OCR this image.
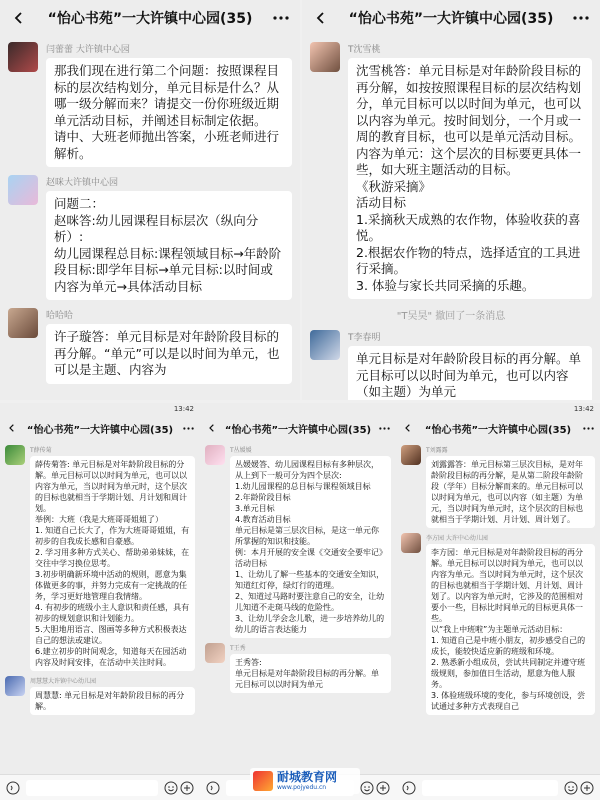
“怡心书苑”一大许镇中心园(35)
闫蕾蕾 大许镇中心园

那我们现在进行第二个问题：按照课程目标的层次结构划分，单元目标是什么？从哪一级分解而来？请提交一份你班级近期单元活动目标，并阐述目标制定依据。

请中、大班老师抛出答案，小班老师进行解析。

赵咪大许镇中心园

问题二：

赵咪答:幼儿园课程目标层次（纵向分析）:

幼儿园课程总目标:课程领域目标→年龄阶段目标:即学年目标→单元目标:以时间或内容为单元→具体活动目标

哈哈哈

许子璇答：单元目标是对年龄阶段目标的再分解。“单元”可以是以时间为单元，也可以是主题、内容为

“怡心书苑”一大许镇中心园(35)
T沈雪桃

沈雪桃答：单元目标是对年龄阶段目标的再分解，如按按照课程目标的层次结构划分，单元目标可以以时间为单元，也可以以内容为单元。按时间划分，一个月或一周的教育目标，也可以是单元活动目标。内容为单元：这个层次的目标要更具体一些，如大班主题活动的目标。

《秋游采摘》

活动目标

1.采摘秋天成熟的农作物，体验收获的喜悦。

2.根据农作物的特点，选择适宜的工具进行采摘。

3. 体验与家长共同采摘的乐趣。

"T吴昊" 撤回了一条消息
T李春明

单元目标是对年龄阶段目标的再分解。单元目标可以以时间为单元，也可以内容（如主题）为单元

13:42
“怡心书苑”一大许镇中心园(35)
T薛传菊

薛传菊答: 单元目标是对年龄阶段目标的分解。单元目标可以以时间为单元，也可以以内容为单元，当以时间为单元时，这个层次的目标也就相当于学期计划、月计划和周计划。

举例：大班（我是大班哥哥姐姐了）

1. 知道自己长大了，作为大班哥哥姐姐，有初步的自我成长感和自豪感。

2. 学习用多种方式关心、帮助弟弟妹妹，在交往中学习换位思考。

3.初步明确新环境中活动的规则，愿意为集体做更多的事，并努力完成有一定挑战的任务，学习更好地管理自我情绪。

4. 有初步的班级小主人意识和责任感，具有初步的规划意识和计划能力。

5.大胆地用语言、图画等多种方式积极表达自己的想法或建议。

6.建立初步的时间观念，知道每天在园活动内容及时间安排，在活动中关注时间。

周慧慧大许镇中心幼儿园

周慧慧: 单元目标是对年龄阶段目标的再分解。

“怡心书苑”一大许镇中心园(35)
T丛媛媛

丛媛媛答、幼儿园课程目标有多种层次，从上到下一般可分为四个层次:

1.幼儿园课程的总目标与课程领域目标

2.年龄阶段目标

3.单元目标

4.教育活动目标

单元目标是第三层次目标，是这一单元你所掌握的知识和技能。

例：本月开展的安全课《交通安全要牢记》

活动目标

1、让幼儿了解一些基本的交通安全知识，知道红灯停，绿灯行的道理。

2、知道过马路时要注意自己的安全，让幼儿知道不走斑马线的危险性。

3、让幼儿学会念儿歌，进一步培养幼儿的幼儿的语言表达能力

T王秀

王秀答:

单元目标是对年龄阶段目标的再分解。单元目标可以以时间为单元

13:42
“怡心书苑”一大许镇中心园(35)
T刘露露

刘露露答：单元目标第三层次目标，是对年龄阶段目标的再分解，是从第二阶段年龄阶段（学年）目标分解而来的。单元目标可以以时间为单元，也可以内容（如主题）为单元，当以时间为单元时，这个层次的目标也就相当于学期计划、月计划、周计划了。

李方园 大许中心幼儿园

李方园：单元目标是对年龄阶段目标的再分解。单元目标可以以时间为单元，也可以以内容为单元。当以时间为单元时，这个层次的目标也就相当于学期计划、月计划、周计划了。以内容为单元时，它涉及的范围相对要小一些，目标比时间单元的目标更具体一些。

以“我上中班啦”为主题单元活动目标：

1. 知道自己是中班小朋友，初步感受自己的成长，能较快适应新的班级和环境。

2. 熟悉新小组成员，尝试共同制定并遵守班级规则，参加值日生活动，愿意为他人服务。

3. 体验班级环境的变化，参与环境创设，尝试通过多种方式表现自己

耐城教育网
www.pojyedu.cn
